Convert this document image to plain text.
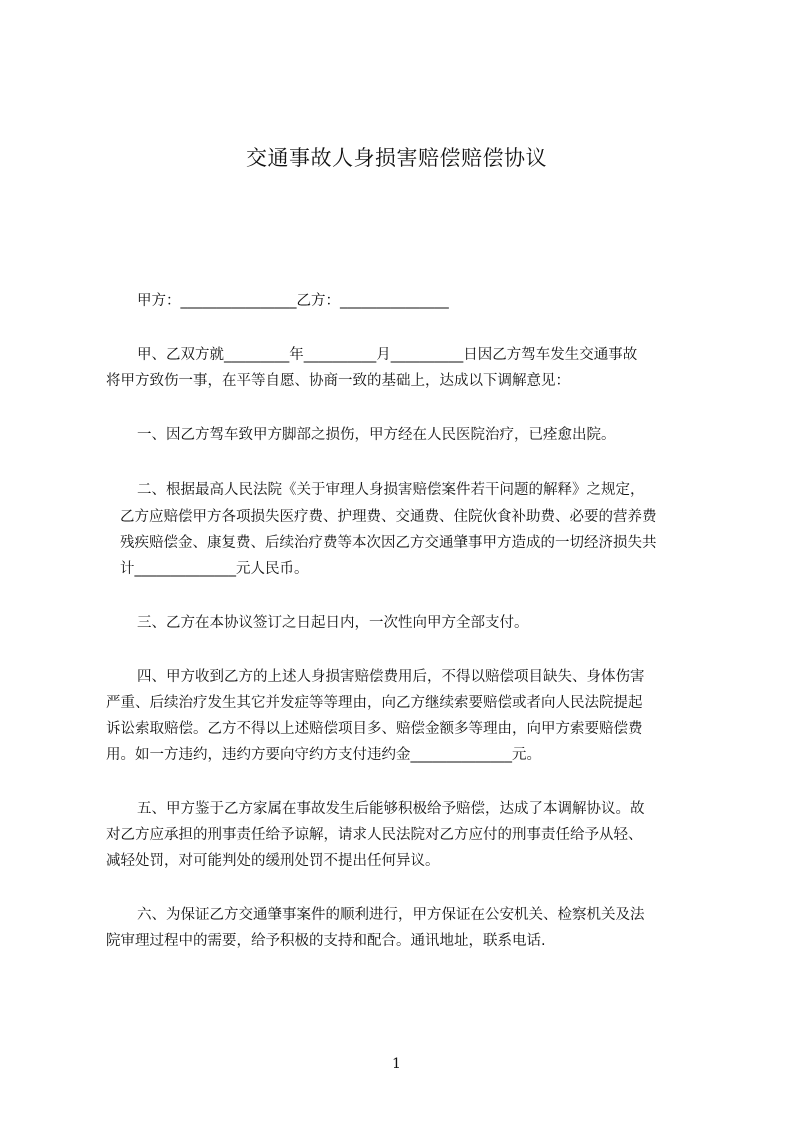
交通事故人身损害赔偿赔偿协议

甲方：________________乙方：_______________

甲、乙双方就_________年__________月__________日因乙方驾车发生交通事故

将甲方致伤一事，在平等自愿、协商一致的基础上，达成以下调解意见：

一、因乙方驾车致甲方脚部之损伤，甲方经在人民医院治疗，已痊愈出院。

二、根据最高人民法院《关于审理人身损害赔偿案件若干问题的解释》之规定，

乙方应赔偿甲方各项损失医疗费、护理费、交通费、住院伙食补助费、必要的营养费

残疾赔偿金、康复费、后续治疗费等本次因乙方交通肇事甲方造成的一切经济损失共

计______________元人民币。

三、乙方在本协议签订之日起日内，一次性向甲方全部支付。

四、甲方收到乙方的上述人身损害赔偿费用后，不得以赔偿项目缺失、身体伤害

严重、后续治疗发生其它并发症等等理由，向乙方继续索要赔偿或者向人民法院提起

诉讼索取赔偿。乙方不得以上述赔偿项目多、赔偿金额多等理由，向甲方索要赔偿费

用。如一方违约，违约方要向守约方支付违约金______________元。

五、甲方鉴于乙方家属在事故发生后能够积极给予赔偿，达成了本调解协议。故

对乙方应承担的刑事责任给予谅解，请求人民法院对乙方应付的刑事责任给予从轻、

减轻处罚，对可能判处的缓刑处罚不提出任何异议。

六、为保证乙方交通肇事案件的顺利进行，甲方保证在公安机关、检察机关及法

院审理过程中的需要，给予积极的支持和配合。通讯地址，联系电话.

1
